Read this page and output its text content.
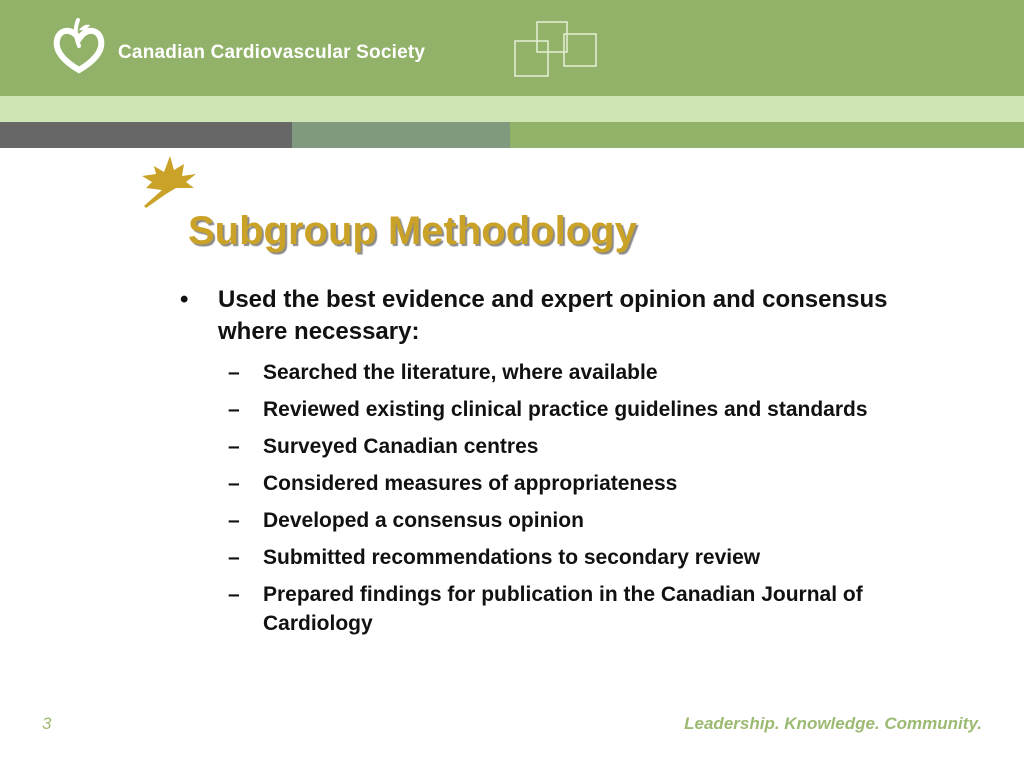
Canadian Cardiovascular Society
Subgroup Methodology
• Used the best evidence and expert opinion and consensus where necessary:
– Searched the literature, where available
– Reviewed existing clinical practice guidelines and standards
– Surveyed Canadian centres
– Considered measures of appropriateness
– Developed a consensus opinion
– Submitted recommendations to secondary review
– Prepared findings for publication in the Canadian Journal of Cardiology
3	Leadership. Knowledge. Community.
